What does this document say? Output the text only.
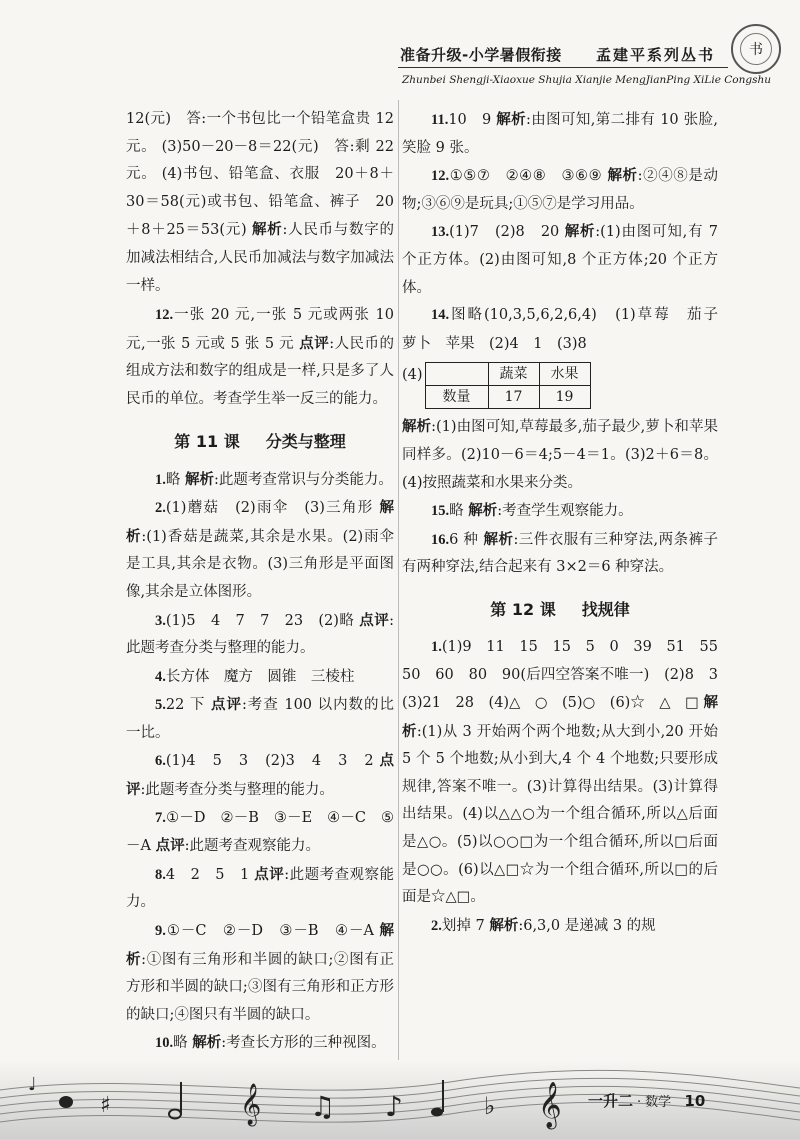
准备升级-小学暑假衔接 孟建平系列丛书
Zhunbei Shengji-Xiaoxue Shujia Xianjie MengJianPing XiLie Congshu
书

12(元)　答:一个书包比一个铅笔盒贵 12 元。 (3)50－20－8＝22(元)　答:剩 22 元。 (4)书包、铅笔盒、衣服　20＋8＋30＝58(元)或书包、铅笔盒、裤子　20＋8＋25＝53(元) 解析:人民币与数字的加减法相结合,人民币加减法与数字加减法一样。

12.一张 20 元,一张 5 元或两张 10 元,一张 5 元或 5 张 5 元 点评:人民币的组成方法和数字的组成是一样,只是多了人民币的单位。考查学生举一反三的能力。

第 11 课 分类与整理

1.略 解析:此题考查常识与分类能力。

2.(1)蘑菇　(2)雨伞　(3)三角形 解析:(1)香菇是蔬菜,其余是水果。(2)雨伞是工具,其余是衣物。(3)三角形是平面图像,其余是立体图形。

3.(1)5　4　7　7　23　(2)略 点评:此题考查分类与整理的能力。

4.长方体　魔方　圆锥　三棱柱

5.22 下 点评:考查 100 以内数的比一比。

6.(1)4　5　3　(2)3　4　3　2 点评:此题考查分类与整理的能力。

7.①－D　②－B　③－E　④－C　⑤－A 点评:此题考查观察能力。

8.4　2　5　1 点评:此题考查观察能力。

9.①－C　②－D　③－B　④－A 解析:①图有三角形和半圆的缺口;②图有正方形和半圆的缺口;③图有三角形和正方形的缺口;④图只有半圆的缺口。

10.略 解析:考查长方形的三种视图。

11.10　9 解析:由图可知,第二排有 10 张脸,笑脸 9 张。

12.①⑤⑦　②④⑧　③⑥⑨ 解析:②④⑧是动物;③⑥⑨是玩具;①⑤⑦是学习用品。

13.(1)7　(2)8　20 解析:(1)由图可知,有 7 个正方体。(2)由图可知,8 个正方体;20 个正方体。

14.图略(10,3,5,6,2,6,4)　(1)草莓　茄子　萝卜　苹果　(2)4　1　(3)8

(4)
		蔬菜	水果
数量	17	19

解析:(1)由图可知,草莓最多,茄子最少,萝卜和苹果同样多。(2)10－6＝4;5－4＝1。(3)2＋6＝8。(4)按照蔬菜和水果来分类。

15.略 解析:考查学生观察能力。

16.6 种 解析:三件衣服有三种穿法,两条裤子有两种穿法,结合起来有 3×2＝6 种穿法。

第 12 课 找规律

1.(1)9　11　15　15　5　0　39　51　55　50　60　80　90(后四空答案不唯一)　(2)8　3　(3)21　28　(4)△　○　(5)○　(6)☆　△　□ 解析:(1)从 3 开始两个两个地数;从大到小,20 开始 5 个 5 个地数;从小到大,4 个 4 个地数;只要形成规律,答案不唯一。(3)计算得出结果。(3)计算得出结果。(4)以△△○为一个组合循环,所以△后面是△○。(5)以○○□为一个组合循环,所以□后面是○○。(6)以△□☆为一个组合循环,所以□的后面是☆△□。

2.划掉 7 解析:6,3,0 是递减 3 的规

♯	𝄞 ♫ ♪	♭ 𝄞
♩
一升二 · 数学 10
